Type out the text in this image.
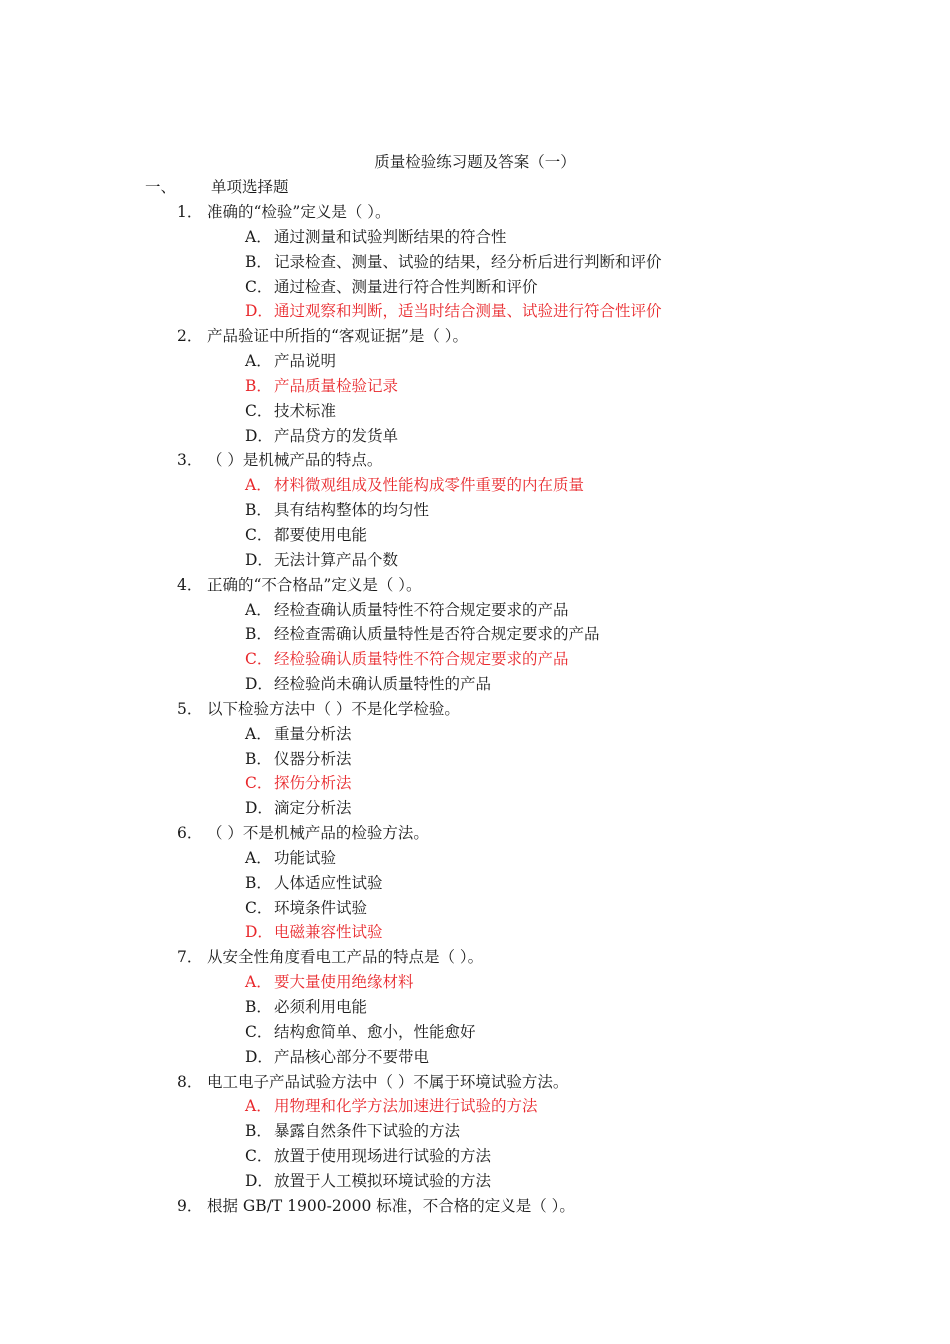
质量检验练习题及答案（一）
一、 单项选择题
1． 准确的“检验”定义是（ ）。
A． 通过测量和试验判断结果的符合性
B． 记录检查、测量、试验的结果，经分析后进行判断和评价
C． 通过检查、测量进行符合性判断和评价
D． 通过观察和判断，适当时结合测量、试验进行符合性评价
2． 产品验证中所指的“客观证据”是（ ）。
A． 产品说明
B． 产品质量检验记录
C． 技术标准
D． 产品贷方的发货单
3． （ ）是机械产品的特点。
A． 材料微观组成及性能构成零件重要的内在质量
B． 具有结构整体的均匀性
C． 都要使用电能
D． 无法计算产品个数
4． 正确的“不合格品”定义是（ ）。
A． 经检查确认质量特性不符合规定要求的产品
B． 经检查需确认质量特性是否符合规定要求的产品
C． 经检验确认质量特性不符合规定要求的产品
D． 经检验尚未确认质量特性的产品
5． 以下检验方法中（ ）不是化学检验。
A． 重量分析法
B． 仪器分析法
C． 探伤分析法
D． 滴定分析法
6． （ ）不是机械产品的检验方法。
A． 功能试验
B． 人体适应性试验
C． 环境条件试验
D． 电磁兼容性试验
7． 从安全性角度看电工产品的特点是（ ）。
A． 要大量使用绝缘材料
B． 必须利用电能
C． 结构愈简单、愈小，性能愈好
D． 产品核心部分不要带电
8． 电工电子产品试验方法中（ ）不属于环境试验方法。
A． 用物理和化学方法加速进行试验的方法
B． 暴露自然条件下试验的方法
C． 放置于使用现场进行试验的方法
D． 放置于人工模拟环境试验的方法
9． 根据 GB/T 1900-2000 标准，不合格的定义是（ ）。
